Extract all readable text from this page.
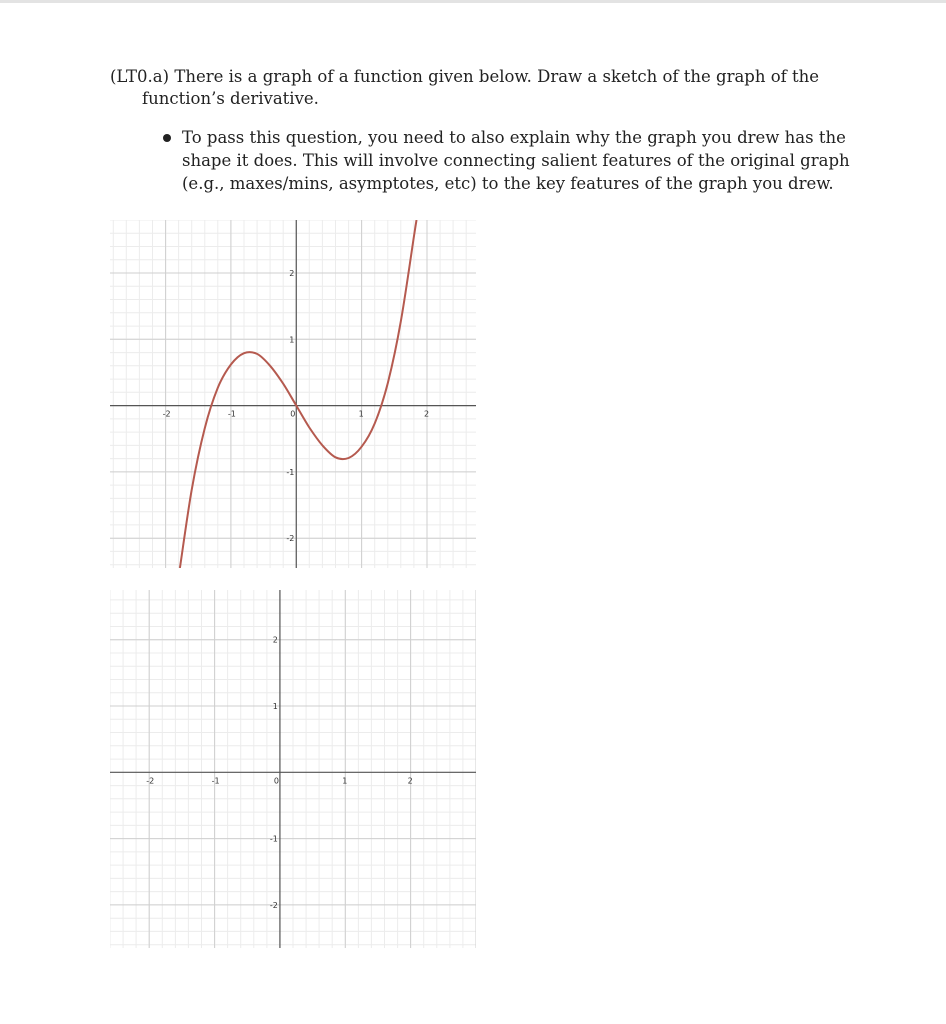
(LT0.a) There is a graph of a function given below. Draw a sketch of the graph of the
function’s derivative.
To pass this question, you need to also explain why the graph you drew has the
shape it does. This will involve connecting salient features of the original graph
(e.g., maxes/mins, asymptotes, etc) to the key features of the graph you drew.
-2	-1	0	1	2
2
1
-1
-2
-2	-1	0	1	2
2
1
-1
-2
